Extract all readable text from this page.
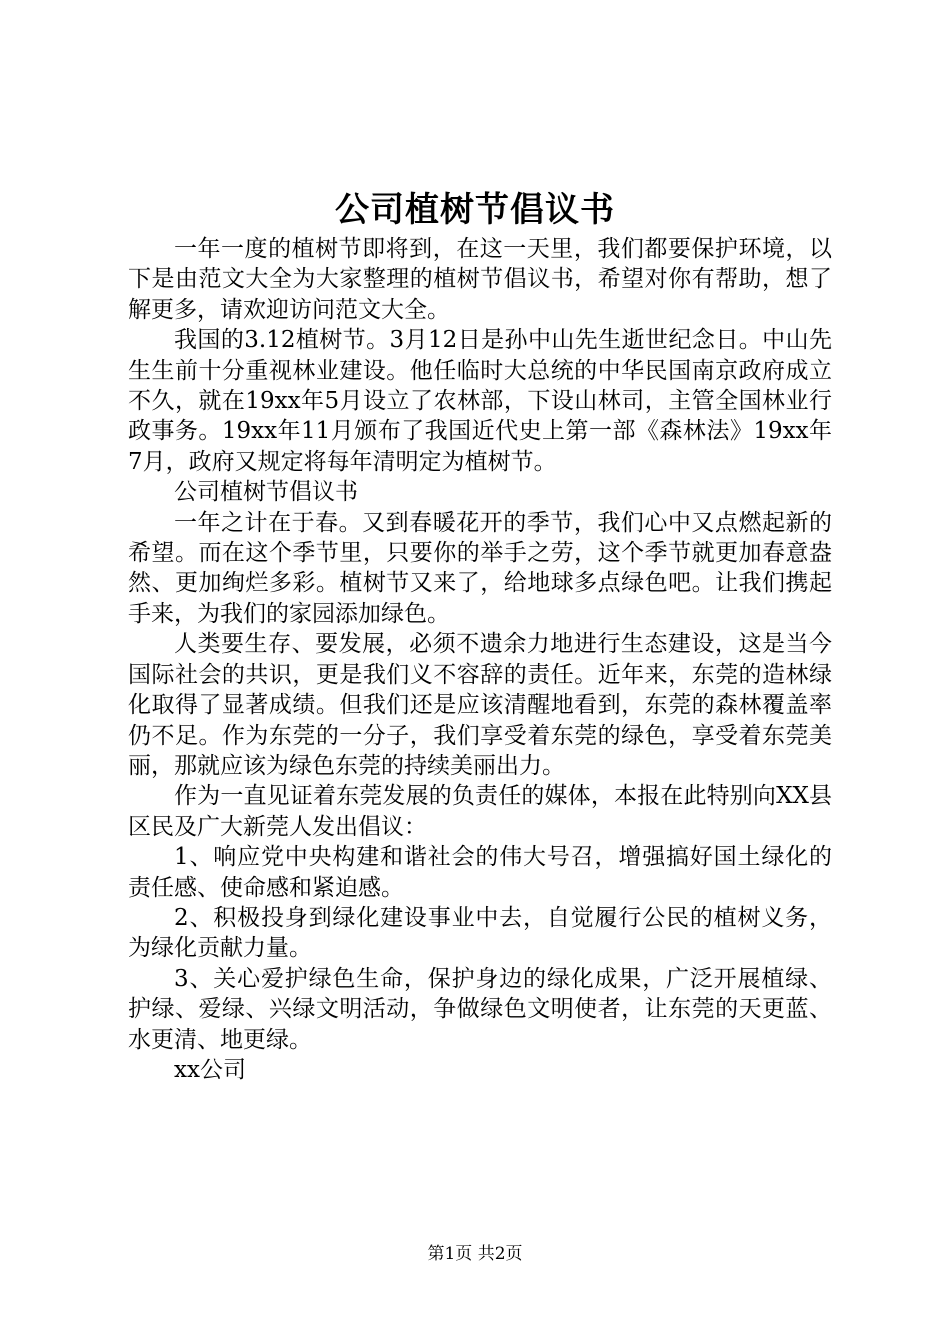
公司植树节倡议书

一年一度的植树节即将到，在这一天里，我们都要保护环境，以下是由范文大全为大家整理的植树节倡议书，希望对你有帮助，想了解更多，请欢迎访问范文大全。

我国的3.12植树节。3月12日是孙中山先生逝世纪念日。中山先生生前十分重视林业建设。他任临时大总统的中华民国南京政府成立不久，就在19xx年5月设立了农林部，下设山林司，主管全国林业行政事务。19xx年11月颁布了我国近代史上第一部《森林法》19xx年7月，政府又规定将每年清明定为植树节。

公司植树节倡议书

一年之计在于春。又到春暖花开的季节，我们心中又点燃起新的希望。而在这个季节里，只要你的举手之劳，这个季节就更加春意盎然、更加绚烂多彩。植树节又来了，给地球多点绿色吧。让我们携起手来，为我们的家园添加绿色。

人类要生存、要发展，必须不遗余力地进行生态建设，这是当今国际社会的共识，更是我们义不容辞的责任。近年来，东莞的造林绿化取得了显著成绩。但我们还是应该清醒地看到，东莞的森林覆盖率仍不足。作为东莞的一分子，我们享受着东莞的绿色，享受着东莞美丽，那就应该为绿色东莞的持续美丽出力。

作为一直见证着东莞发展的负责任的媒体，本报在此特别向XX县区民及广大新莞人发出倡议：

1、响应党中央构建和谐社会的伟大号召，增强搞好国土绿化的责任感、使命感和紧迫感。

2、积极投身到绿化建设事业中去，自觉履行公民的植树义务，为绿化贡献力量。

3、关心爱护绿色生命，保护身边的绿化成果，广泛开展植绿、护绿、爱绿、兴绿文明活动，争做绿色文明使者，让东莞的天更蓝、水更清、地更绿。

xx公司

第1页 共2页
